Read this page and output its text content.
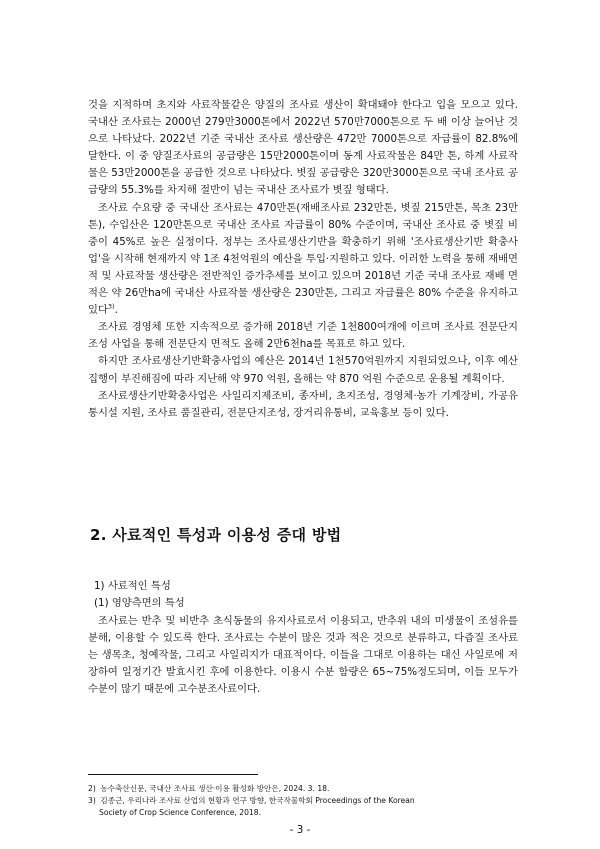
것을 지적하며 초지와 사료작물같은 양질의 조사료 생산이 확대돼야 한다고 입을 모으고 있다. 국내산 조사료는 2000년 279만3000톤에서 2022년 570만7000톤으로 두 배 이상 늘어난 것으로 나타났다. 2022년 기준 국내산 조사료 생산량은 472만 7000톤으로 자급률이 82.8%에 달한다. 이 중 양질조사료의 공급량은 15만2000톤이며 동계 사료작물은 84만 톤, 하계 사료작물은 53만2000톤을 공급한 것으로 나타났다. 볏짚 공급량은 320만3000톤으로 국내 조사료 공급량의 55.3%를 차지해 절반이 넘는 국내산 조사료가 볏짚 형태다.

조사료 수요량 중 국내산 조사료는 470만톤(재배조사료 232만톤, 볏짚 215만톤, 목초 23만톤), 수입산은 120만톤으로 국내산 조사료 자급률이 80% 수준이며, 국내산 조사료 중 볏짚 비중이 45%로 높은 실정이다. 정부는 조사료생산기반을 확충하기 위해 '조사료생산기반 확충사업'을 시작해 현재까지 약 1조 4천억원의 예산을 투입·지원하고 있다. 이러한 노력을 통해 재배면적 및 사료작물 생산량은 전반적인 증가추세를 보이고 있으며 2018년 기준 국내 조사료 재배 면적은 약 26만ha에 국내산 사료작물 생산량은 230만톤, 그리고 자급률은 80% 수준을 유지하고 있다$^{3)}$.

조사료 경영체 또한 지속적으로 증가해 2018년 기준 1천800여개에 이르며 조사료 전문단지조성 사업을 통해 전문단지 면적도 올해 2만6천ha를 목표로 하고 있다.

하지만 조사료생산기반확충사업의 예산은 2014년 1천570억원까지 지원되었으나, 이후 예산 집행이 부진해짐에 따라 지난해 약 970 억원, 올해는 약 870 억원 수준으로 운용될 계획이다.

조사료생산기반확충사업은 사일리지제조비, 종자비, 초지조성, 경영체·농가 기계장비, 가공유통시설 지원, 조사료 품질관리, 전문단지조성, 장거리유통비, 교육홍보 등이 있다.

2. 사료적인 특성과 이용성 증대 방법
1) 사료적인 특성
(1) 영양측면의 특성

조사료는 반추 및 비반추 초식동물의 유지사료로서 이용되고, 반추위 내의 미생물이 조섬유를 분해, 이용할 수 있도록 한다. 조사료는 수분이 많은 것과 적은 것으로 분류하고, 다즙질 조사료는 생목초, 청예작물, 그리고 사일리지가 대표적이다. 이들을 그대로 이용하는 대신 사일로에 저장하여 일정기간 발효시킨 후에 이용한다. 이용시 수분 함량은 65~75%정도되며, 이들 모두가 수분이 많기 때문에 고수분조사료이다.

2) 농수축산신문, 국내산 조사료 생산·이용 활성화 방안은, 2024. 3. 18.
3) 김종근, 우리나라 조사료 산업의 현황과 연구 방향, 한국작물학회 Proceedings of the Korean
Society of Crop Science Conference, 2018.
- 3 -
